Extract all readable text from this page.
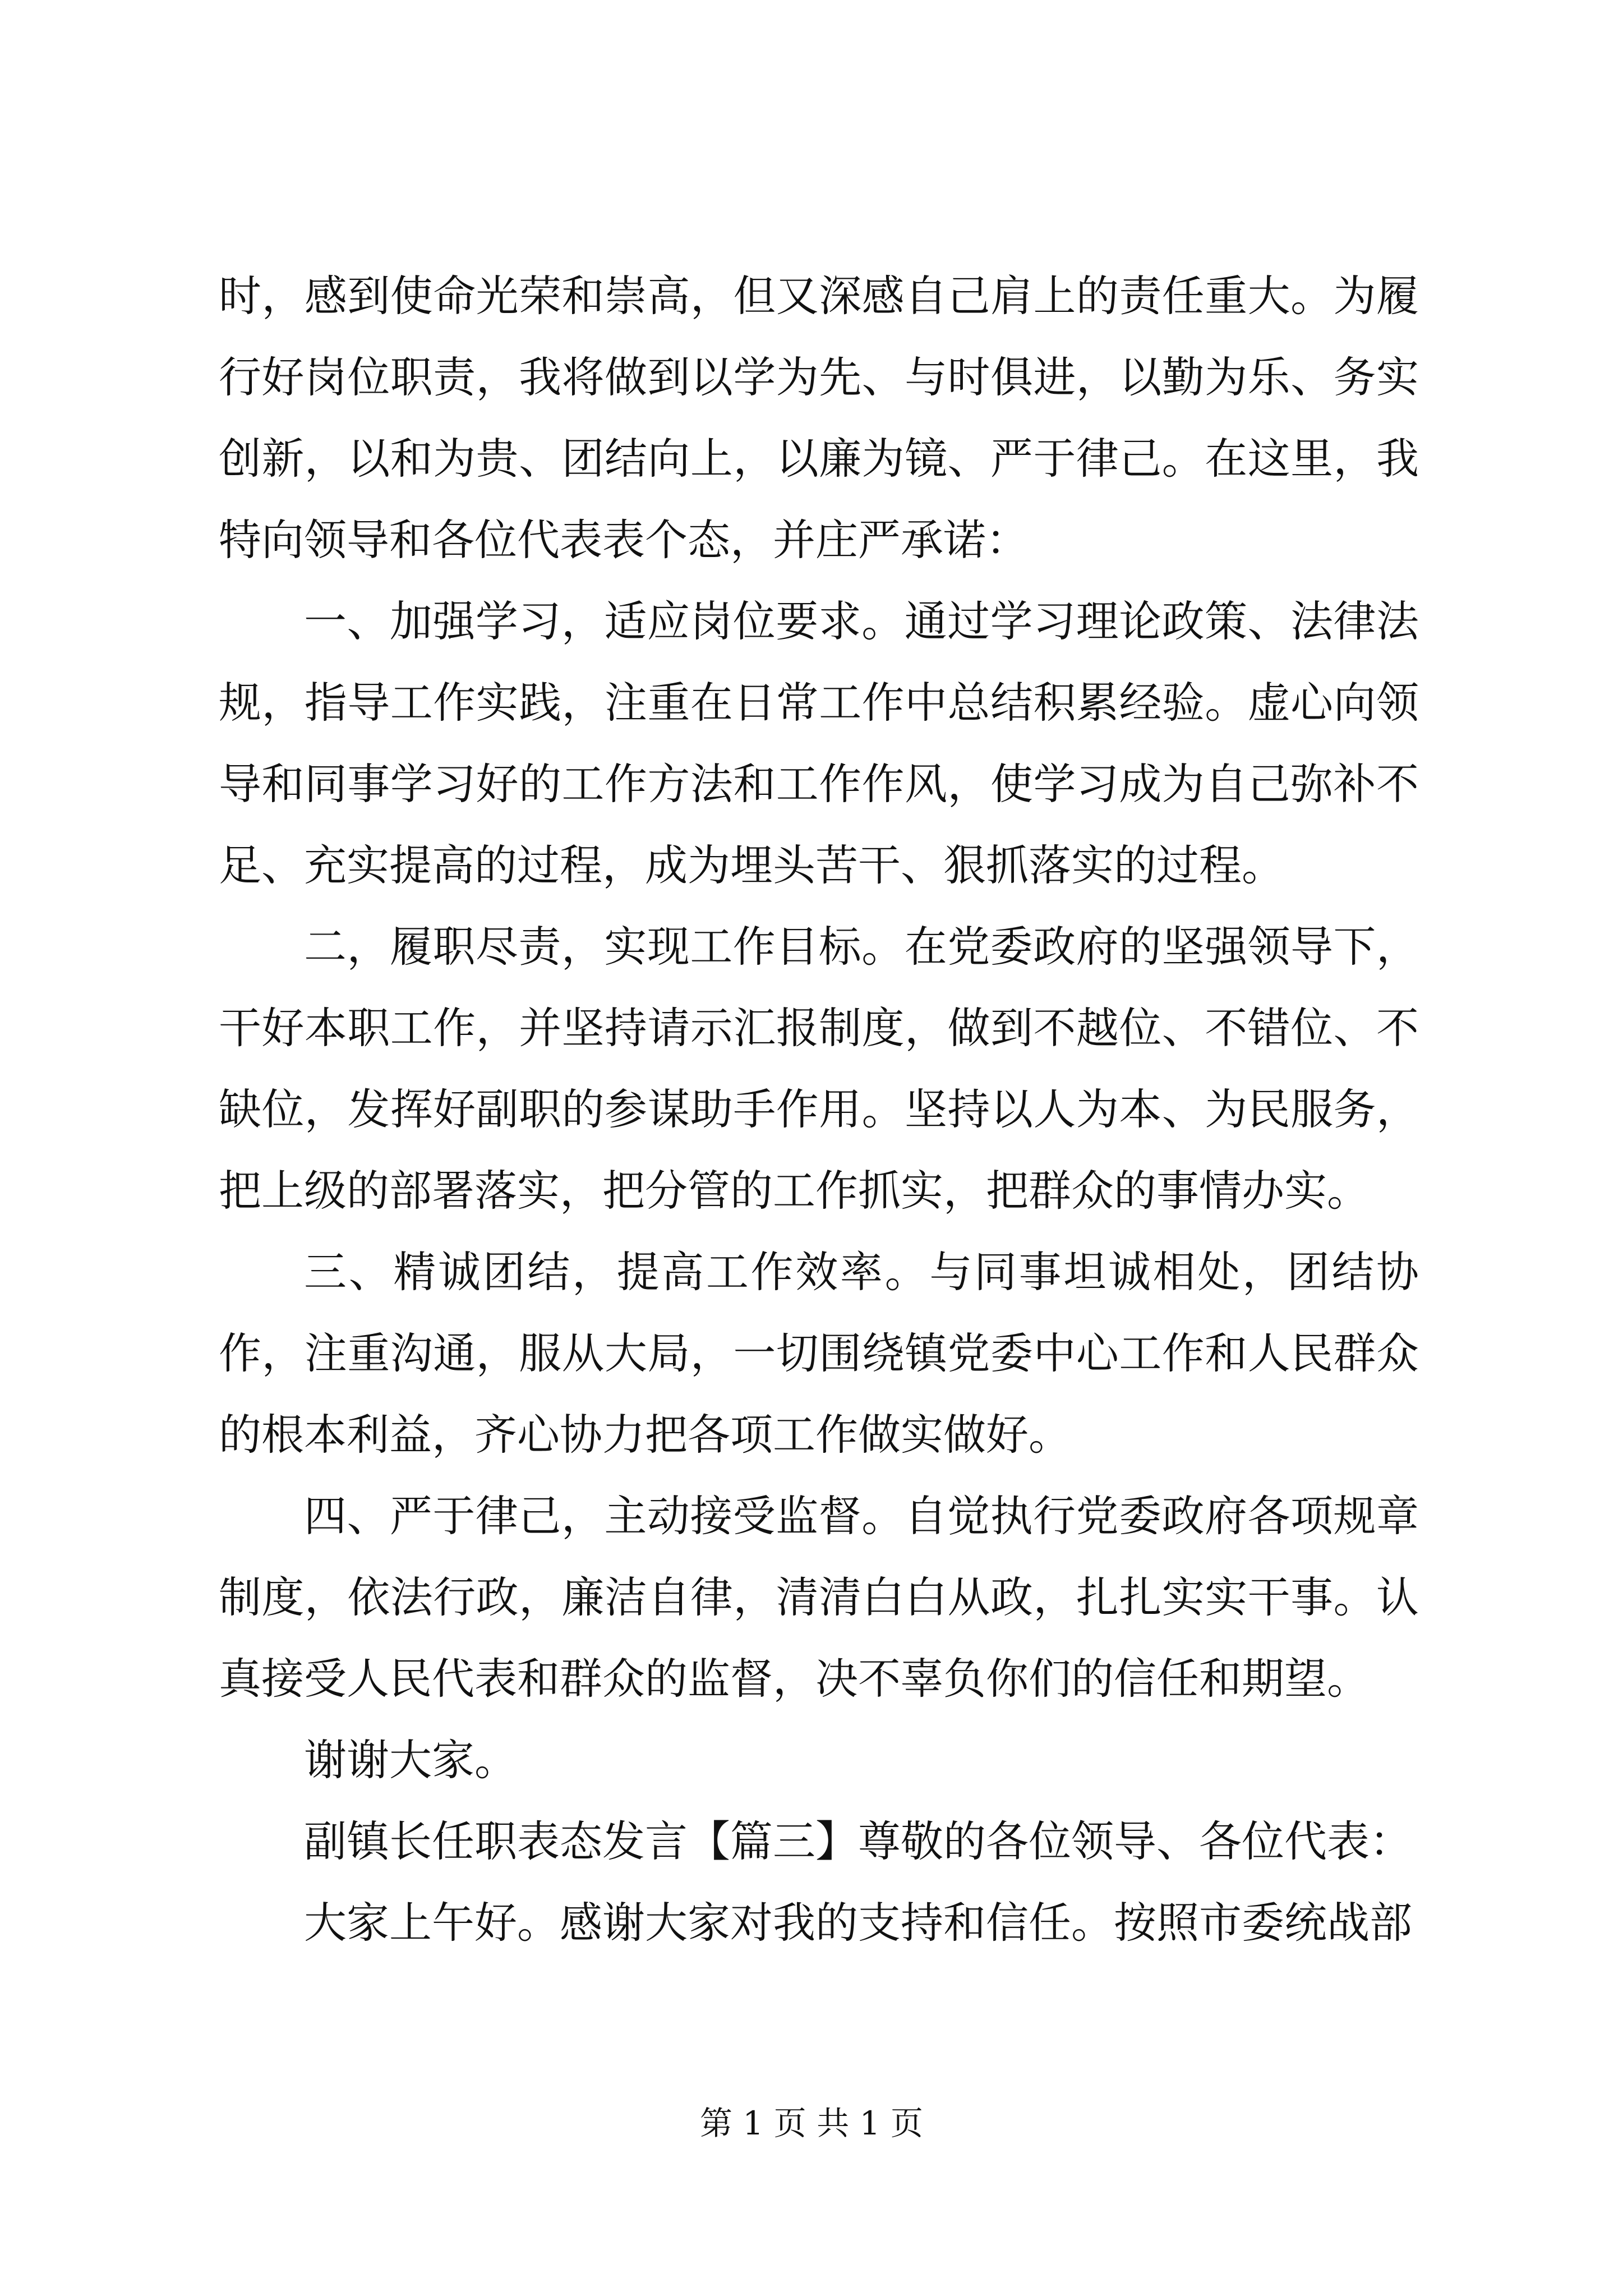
时，感到使命光荣和崇高，但又深感自己肩上的责任重大。为履行好岗位职责，我将做到以学为先、与时俱进，以勤为乐、务实创新，以和为贵、团结向上，以廉为镜、严于律己。在这里，我特向领导和各位代表表个态，并庄严承诺：

一、加强学习，适应岗位要求。通过学习理论政策、法律法规，指导工作实践，注重在日常工作中总结积累经验。虚心向领导和同事学习好的工作方法和工作作风，使学习成为自己弥补不足、充实提高的过程，成为埋头苦干、狠抓落实的过程。

二，履职尽责，实现工作目标。在党委政府的坚强领导下，干好本职工作，并坚持请示汇报制度，做到不越位、不错位、不缺位，发挥好副职的参谋助手作用。坚持以人为本、为民服务，把上级的部署落实，把分管的工作抓实，把群众的事情办实。

三、精诚团结，提高工作效率。与同事坦诚相处，团结协作，注重沟通，服从大局，一切围绕镇党委中心工作和人民群众的根本利益，齐心协力把各项工作做实做好。

四、严于律己，主动接受监督。自觉执行党委政府各项规章制度，依法行政，廉洁自律，清清白白从政，扎扎实实干事。认真接受人民代表和群众的监督，决不辜负你们的信任和期望。

谢谢大家。

副镇长任职表态发言【篇三】尊敬的各位领导、各位代表：

大家上午好。感谢大家对我的支持和信任。按照市委统战部

第 1 页 共 1 页
